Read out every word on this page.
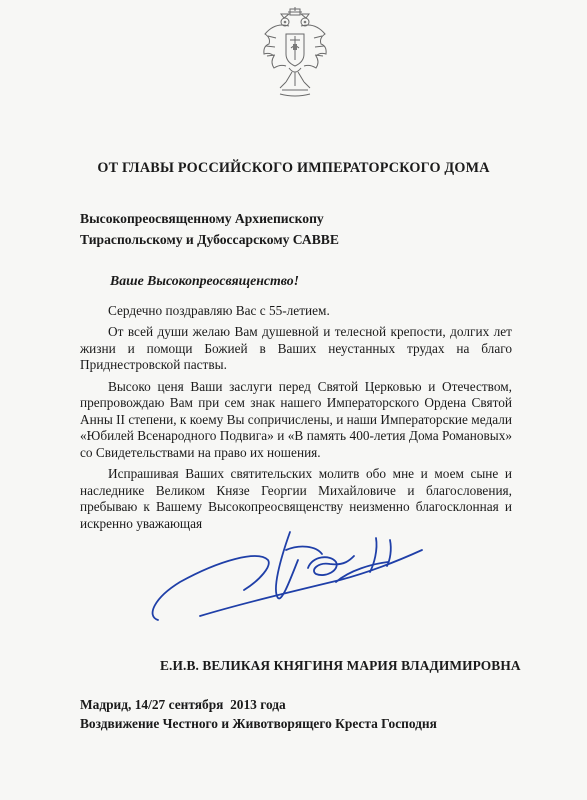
ОТ ГЛАВЫ РОССИЙСКОГО ИМПЕРАТОРСКОГО ДОМА
Высокопреосвященному Архиепископу
Тираспольскому и Дубоссарскому САВВЕ
Ваше Высокопреосвященство!

Сердечно поздравляю Вас с 55-летием.

От всей души желаю Вам душевной и телесной крепости, долгих лет жизни и помощи Божией в Ваших неустанных трудах на благо Приднестровской паствы.

Высоко ценя Ваши заслуги перед Святой Церковью и Отечеством, препровождаю Вам при сем знак нашего Императорского Ордена Святой Анны II степени, к коему Вы сопричислены, и наши Императорские медали «Юбилей Всенародного Подвига» и «В память 400-летия Дома Романовых» со Свидетельствами на право их ношения.

Испрашивая Ваших святительских молитв обо мне и моем сыне и наследнике Великом Князе Георгии Михайловиче и благословения, пребываю к Вашему Высокопреосвященству неизменно благосклонная и искренно уважающая

Е.И.В. ВЕЛИКАЯ КНЯГИНЯ МАРИЯ ВЛАДИМИРОВНА
Мадрид, 14/27 сентября  2013 года
Воздвижение Честного и Животворящего Креста Господня
